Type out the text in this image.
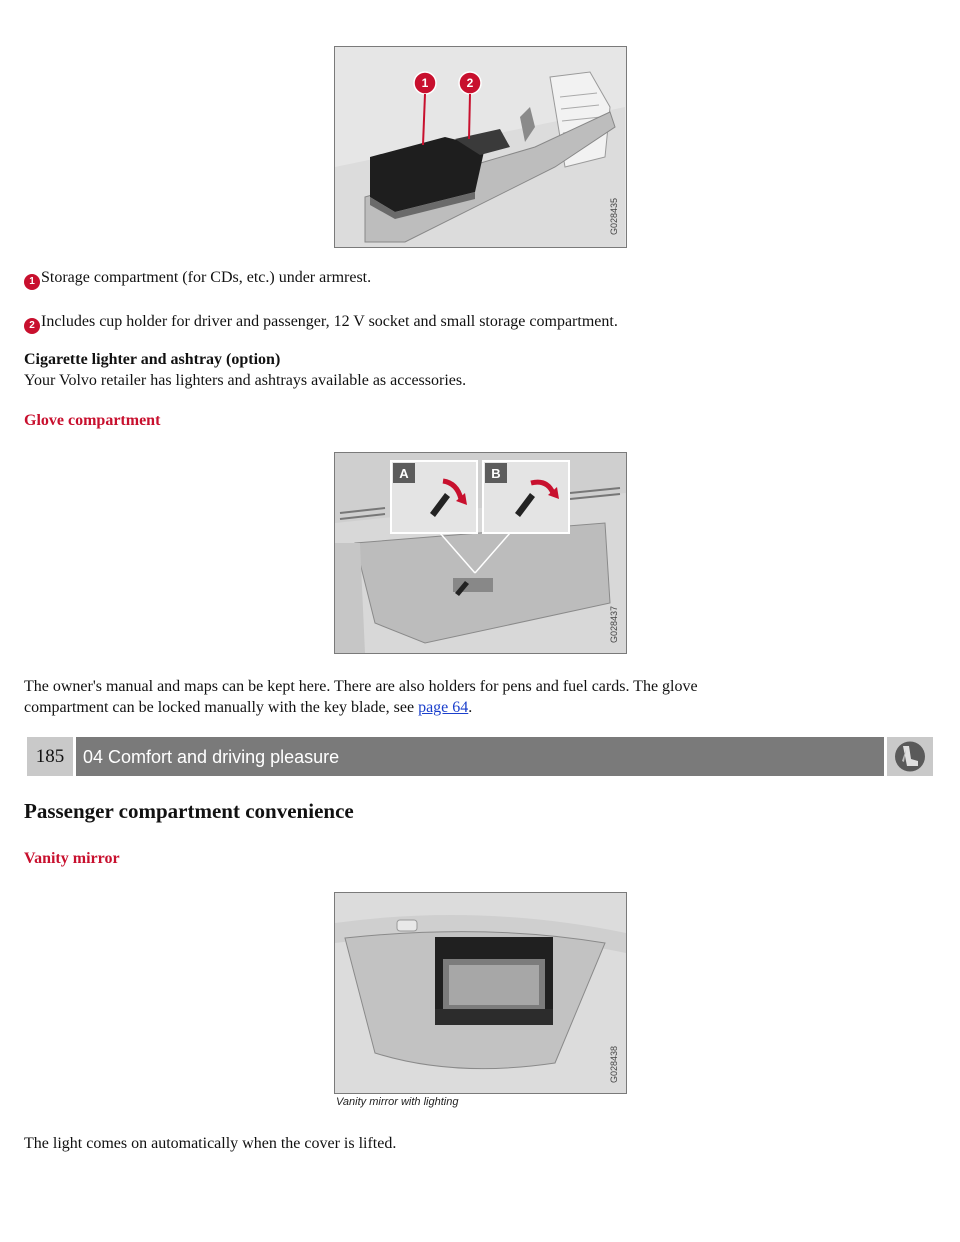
1	2
G028435
1 Storage compartment (for CDs, etc.) under armrest.
2 Includes cup holder for driver and passenger, 12 V socket and small storage compartment.
Cigarette lighter and ashtray (option)
Your Volvo retailer has lighters and ashtrays available as accessories.
Glove compartment
A	B
G028437
The owner's manual and maps can be kept here. There are also holders for pens and fuel cards. The glove
compartment can be locked manually with the key blade, see page 64.
185	04 Comfort and driving pleasure
Passenger compartment convenience
Vanity mirror
G028438
Vanity mirror with lighting
The light comes on automatically when the cover is lifted.
